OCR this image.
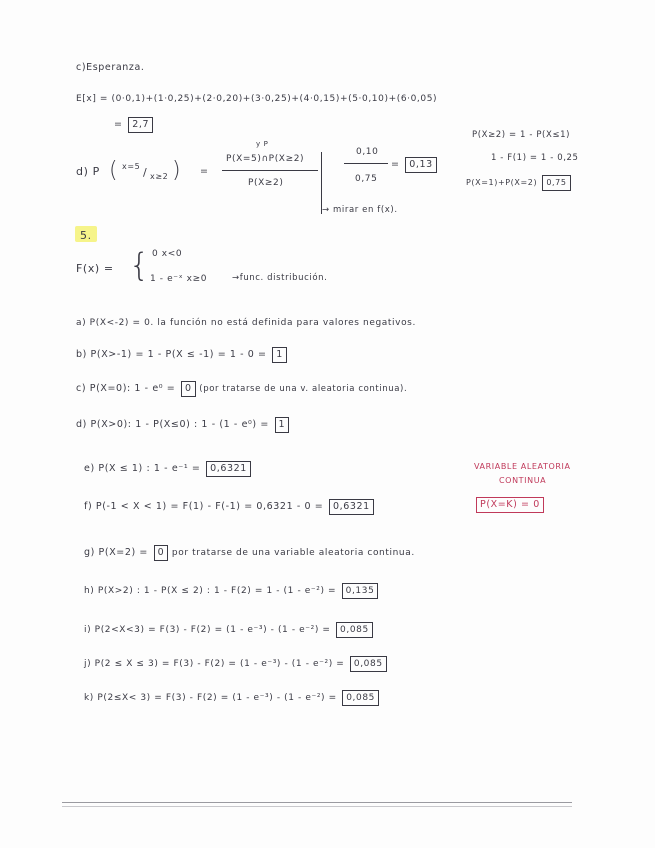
c)Esperanza.
E[x] = (0·0,1)+(1·0,25)+(2·0,20)+(3·0,25)+(4·0,15)+(5·0,10)+(6·0,05)
= 2,7
d) P ( x=5 / x≥2 ) =
y P
P(X=5)∩P(X≥2)
P(X≥2)
0,10
0,75
= 0,13
→ mirar en f(x).
P(X≥2) = 1 - P(X≤1)
1 - F(1) = 1 - 0,25
P(X=1)+P(X=2) 0,75
5.
F(x) = { 0 x<0
1 - e⁻ˣ x≥0	→func. distribución.
a) P(X<-2) = 0. la función no está definida para valores negativos.
b) P(X>-1) = 1 - P(X ≤ -1) = 1 - 0 = 1
c) P(X=0): 1 - e⁰ = 0 (por tratarse de una v. aleatoria continua).
d) P(X>0): 1 - P(X≤0) : 1 - (1 - e⁰) = 1
e) P(X ≤ 1) : 1 - e⁻¹ = 0,6321
f) P(-1 < X < 1) = F(1) - F(-1) = 0,6321 - 0 = 0,6321
VARIABLE ALEATORIA
CONTINUA
P(X=K) = 0
g) P(X=2) = 0 por tratarse de una variable aleatoria continua.
h) P(X>2) : 1 - P(X ≤ 2) : 1 - F(2) = 1 - (1 - e⁻²) = 0,135
i) P(2<X<3) = F(3) - F(2) = (1 - e⁻³) - (1 - e⁻²) = 0,085
j) P(2 ≤ X ≤ 3) = F(3) - F(2) = (1 - e⁻³) - (1 - e⁻²) = 0,085
k) P(2≤X< 3) = F(3) - F(2) = (1 - e⁻³) - (1 - e⁻²) = 0,085
